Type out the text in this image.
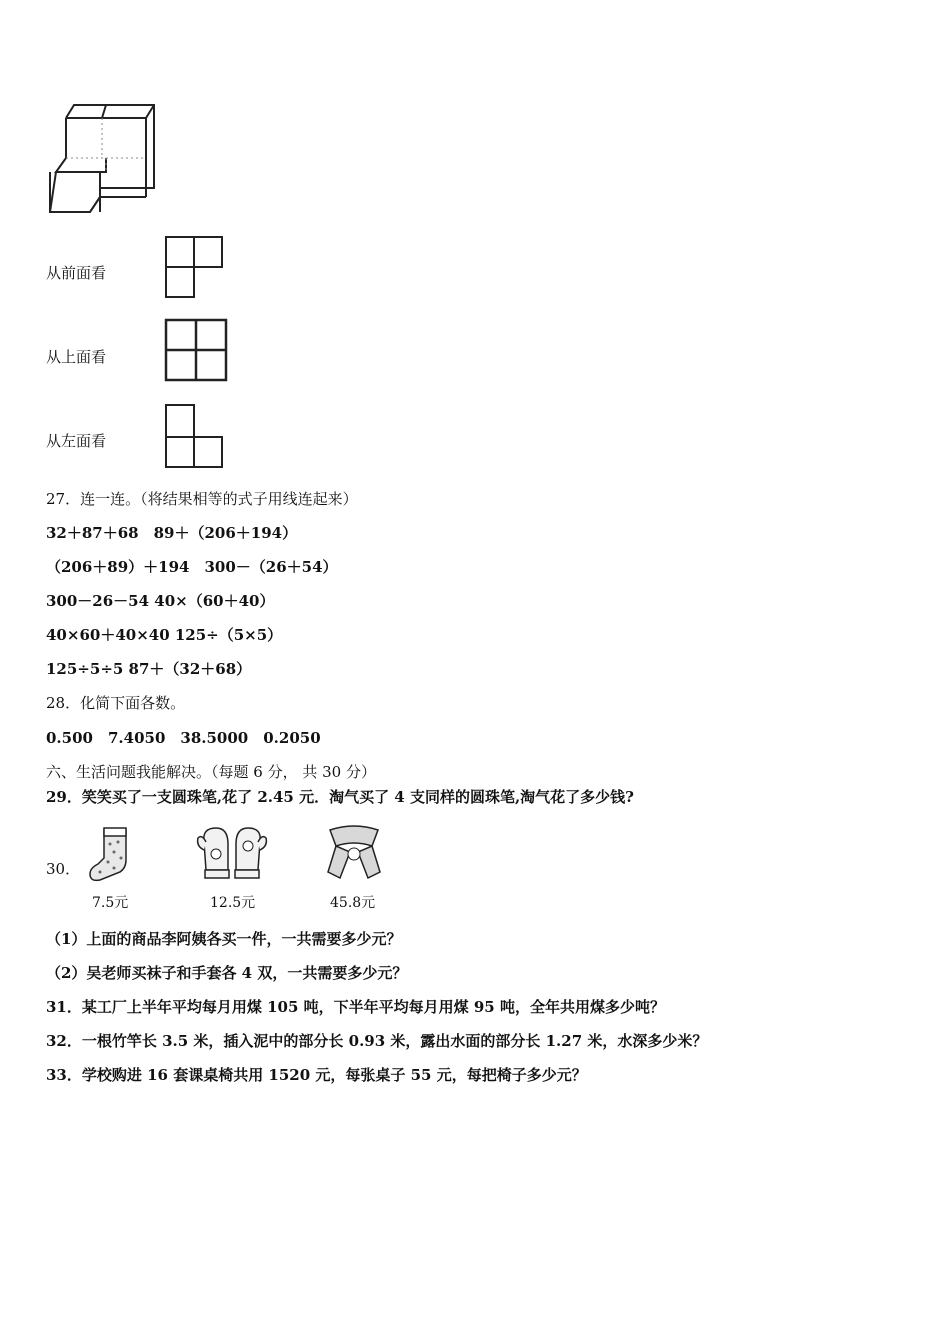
从前面看
从上面看
从左面看
27．连一连。（将结果相等的式子用线连起来）
32＋87＋68　89＋（206＋194）
（206＋89）＋194　300－（26＋54）
300－26－54 40×（60＋40）
40×60＋40×40 125÷（5×5）
125÷5÷5 87＋（32＋68）
28．化简下面各数。
0.500　7.4050　38.5000　0.2050
六、生活问题我能解决。（每题 6 分， 共 30 分）
29．笑笑买了一支圆珠笔,花了 2.45 元．淘气买了 4 支同样的圆珠笔,淘气花了多少钱?
30．
7.5元	12.5元	45.8元
（1）上面的商品李阿姨各买一件，一共需要多少元？
（2）吴老师买袜子和手套各 4 双，一共需要多少元？
31．某工厂上半年平均每月用煤 105 吨，下半年平均每月用煤 95 吨，全年共用煤多少吨？
32．一根竹竿长 3.5 米，插入泥中的部分长 0.93 米，露出水面的部分长 1.27 米，水深多少米？
33．学校购进 16 套课桌椅共用 1520 元，每张桌子 55 元，每把椅子多少元？
